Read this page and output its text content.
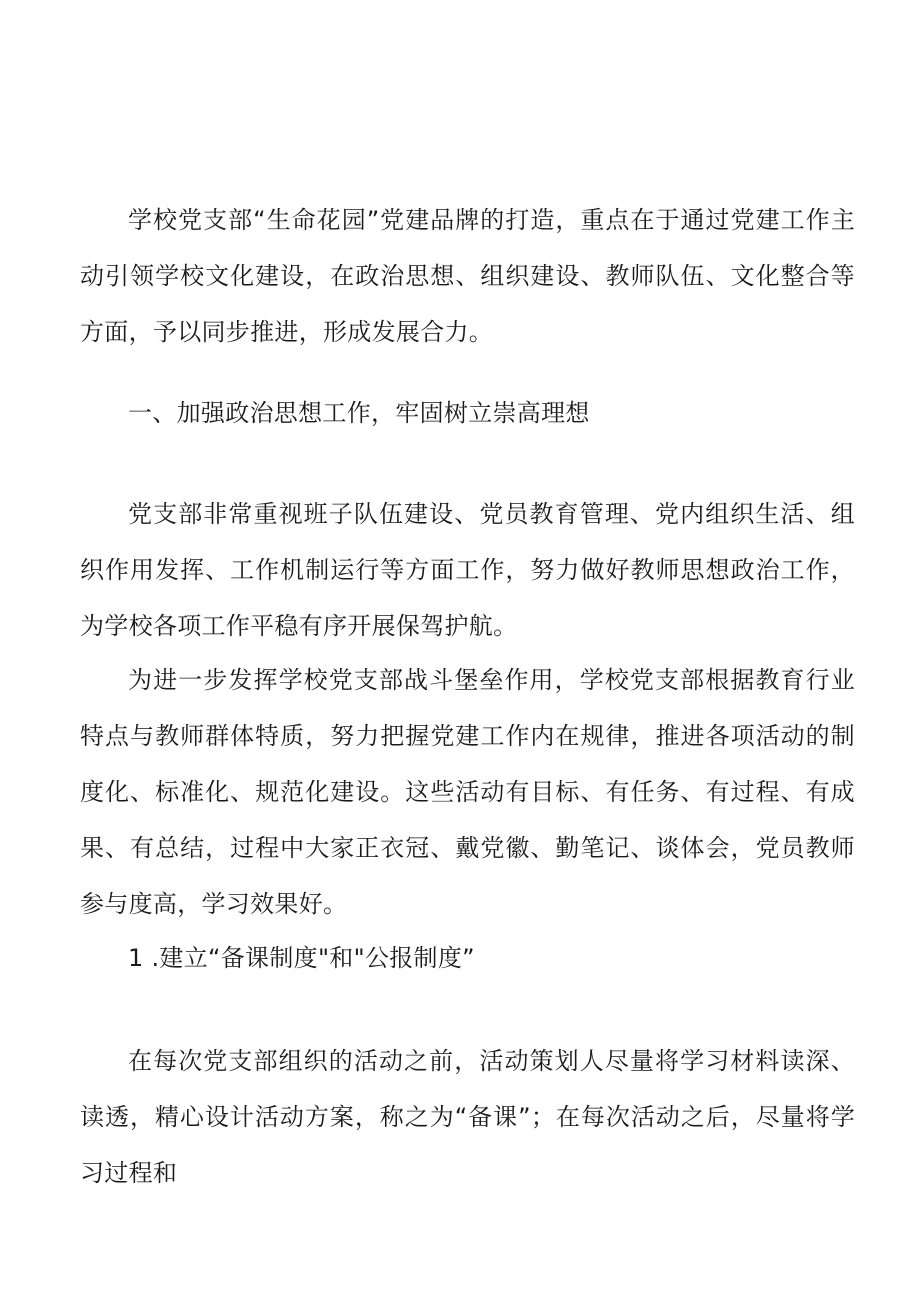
学校党支部“生命花园”党建品牌的打造，重点在于通过党建工作主动引领学校文化建设，在政治思想、组织建设、教师队伍、文化整合等方面，予以同步推进，形成发展合力。

一、加强政治思想工作，牢固树立崇高理想

党支部非常重视班子队伍建设、党员教育管理、党内组织生活、组织作用发挥、工作机制运行等方面工作，努力做好教师思想政治工作，为学校各项工作平稳有序开展保驾护航。

为进一步发挥学校党支部战斗堡垒作用，学校党支部根据教育行业特点与教师群体特质，努力把握党建工作内在规律，推进各项活动的制度化、标准化、规范化建设。这些活动有目标、有任务、有过程、有成果、有总结，过程中大家正衣冠、戴党徽、勤笔记、谈体会，党员教师参与度高，学习效果好。

1 .建立“备课制度"和"公报制度”

在每次党支部组织的活动之前，活动策划人尽量将学习材料读深、读透，精心设计活动方案，称之为“备课”；在每次活动之后，尽量将学习过程和
